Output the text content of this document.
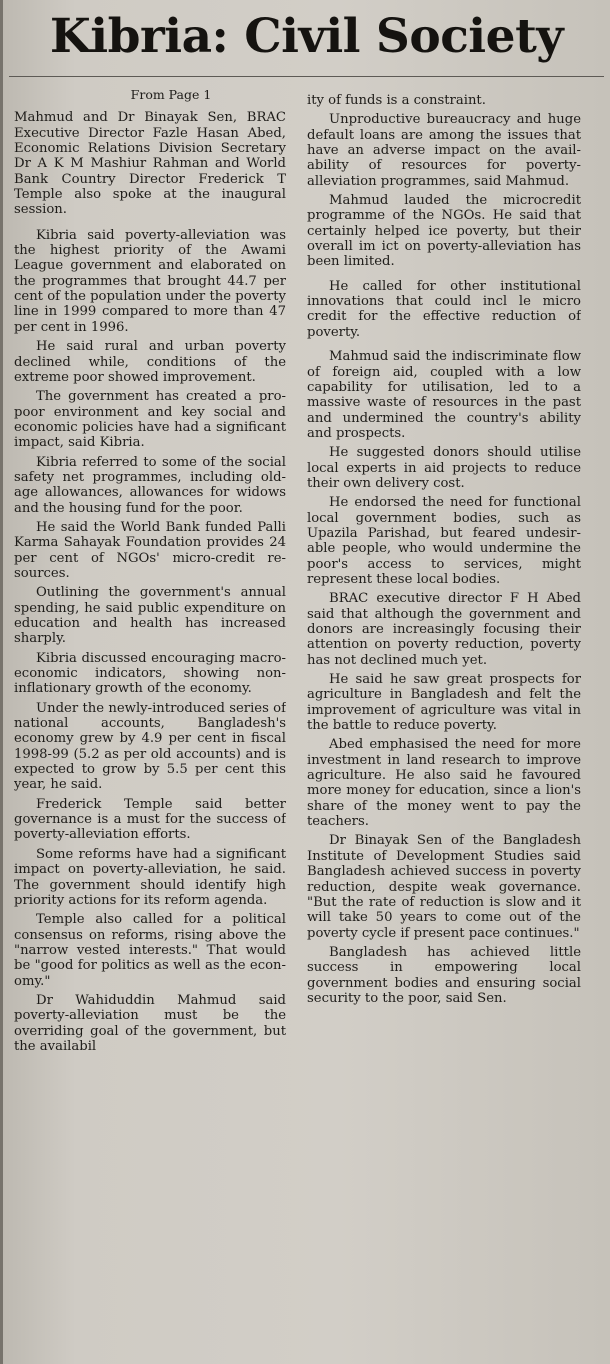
Kibria: Civil Society
From Page 1

Mahmud and Dr Binayak Sen, BRAC Executive Director Fazle Hasan Abed, Economic Relations Division Secretary Dr A K M Mashiur Rahman and World Bank Country Director Frederick T Temple also spoke at the inaugural session.

Kibria said poverty-alleviation was the highest priority of the Awami League government and elaborated on the programmes that brought 44.7 per cent of the population under the poverty line in 1999 compared to more than 47 per cent in 1996.

He said rural and urban poverty declined while, conditions of the extreme poor showed improvement.

The government has created a pro-poor environment and key social and economic policies have had a significant impact, said Kibria.

Kibria referred to some of the social safety net programmes, including old-age allowances, allowances for widows and the housing fund for the poor.

He said the World Bank funded Palli Karma Sahayak Foundation provides 24 per cent of NGOs' micro-credit resources.

Outlining the government's annual spending, he said public expenditure on education and health has increased sharply.

Kibria discussed encouraging macro-economic indicators, showing non-inflationary growth of the economy.

Under the newly-introduced series of national accounts, Bangladesh's economy grew by 4.9 per cent in fiscal 1998-99 (5.2 as per old accounts) and is expected to grow by 5.5 per cent this year, he said.

Frederick Temple said better governance is a must for the success of poverty-alleviation efforts.

Some reforms have had a significant impact on poverty-alleviation, he said. The government should identify high priority actions for its reform agenda.

Temple also called for a political consensus on reforms, rising above the "narrow vested interests." That would be "good for politics as well as the economy."

Dr Wahiduddin Mahmud said poverty-alleviation must be the overriding goal of the government, but the availabil

ity of funds is a constraint.

Unproductive bureaucracy and huge default loans are among the issues that have an adverse impact on the availability of resources for poverty-alleviation programmes, said Mahmud.

Mahmud lauded the microcredit programme of the NGOs. He said that certainly helped ice poverty, but their overall im ict on poverty-alleviation has been limited.

He called for other institutional innovations that could incl le micro credit for the effective reduction of poverty.

Mahmud said the indiscriminate flow of foreign aid, coupled with a low capability for utilisation, led to a massive waste of resources in the past and undermined the country's ability and prospects.

He suggested donors should utilise local experts in aid projects to reduce their own delivery cost.

He endorsed the need for functional local government bodies, such as Upazila Parishad, but feared undesirable people, who would undermine the poor's access to services, might represent these local bodies.

BRAC executive director F H Abed said that although the government and donors are increasingly focusing their attention on poverty reduction, poverty has not declined much yet.

He said he saw great prospects for agriculture in Bangladesh and felt the improvement of agriculture was vital in the battle to reduce poverty.

Abed emphasised the need for more investment in land research to improve agriculture. He also said he favoured more money for education, since a lion's share of the money went to pay the teachers.

Dr Binayak Sen of the Bangladesh Institute of Development Studies said Bangladesh achieved success in poverty reduction, despite weak governance. "But the rate of reduction is slow and it will take 50 years to come out of the poverty cycle if present pace continues."

Bangladesh has achieved little success in empowering local government bodies and ensuring social security to the poor, said Sen.
